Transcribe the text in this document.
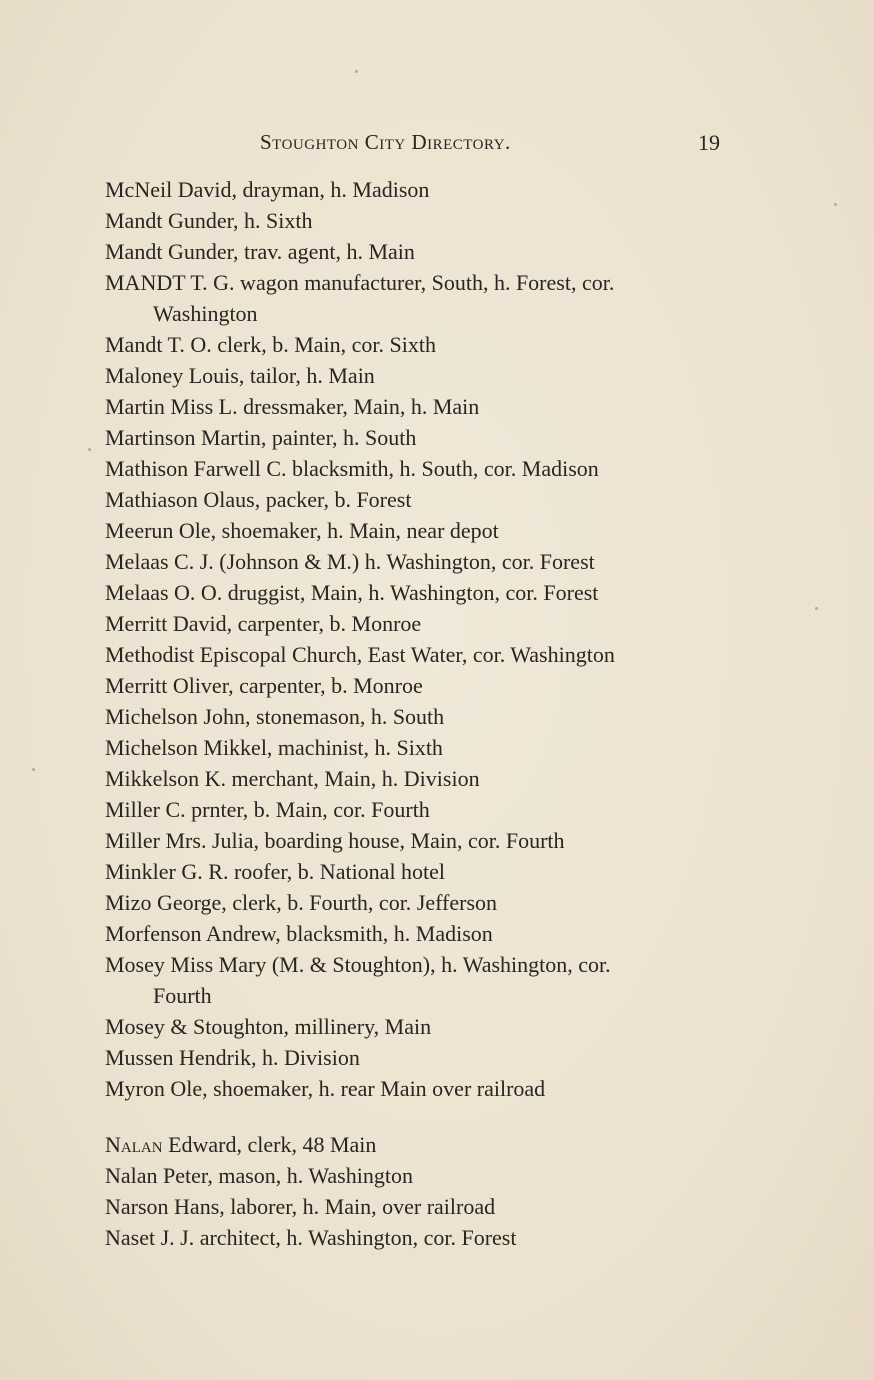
Stoughton City Directory.	19
McNeil David, drayman, h. Madison
Mandt Gunder, h. Sixth
Mandt Gunder, trav. agent, h. Main
MANDT T. G. wagon manufacturer, South, h. Forest, cor.
Washington
Mandt T. O. clerk, b. Main, cor. Sixth
Maloney Louis, tailor, h. Main
Martin Miss L. dressmaker, Main, h. Main
Martinson Martin, painter, h. South
Mathison Farwell C. blacksmith, h. South, cor. Madison
Mathiason Olaus, packer, b. Forest
Meerun Ole, shoemaker, h. Main, near depot
Melaas C. J. (Johnson & M.) h. Washington, cor. Forest
Melaas O. O. druggist, Main, h. Washington, cor. Forest
Merritt David, carpenter, b. Monroe
Methodist Episcopal Church, East Water, cor. Washington
Merritt Oliver, carpenter, b. Monroe
Michelson John, stonemason, h. South
Michelson Mikkel, machinist, h. Sixth
Mikkelson K. merchant, Main, h. Division
Miller C. prnter, b. Main, cor. Fourth
Miller Mrs. Julia, boarding house, Main, cor. Fourth
Minkler G. R. roofer, b. National hotel
Mizo George, clerk, b. Fourth, cor. Jefferson
Morfenson Andrew, blacksmith, h. Madison
Mosey Miss Mary (M. & Stoughton), h. Washington, cor.
Fourth
Mosey & Stoughton, millinery, Main
Mussen Hendrik, h. Division
Myron Ole, shoemaker, h. rear Main over railroad
Nalan Edward, clerk, 48 Main
Nalan Peter, mason, h. Washington
Narson Hans, laborer, h. Main, over railroad
Naset J. J. architect, h. Washington, cor. Forest
